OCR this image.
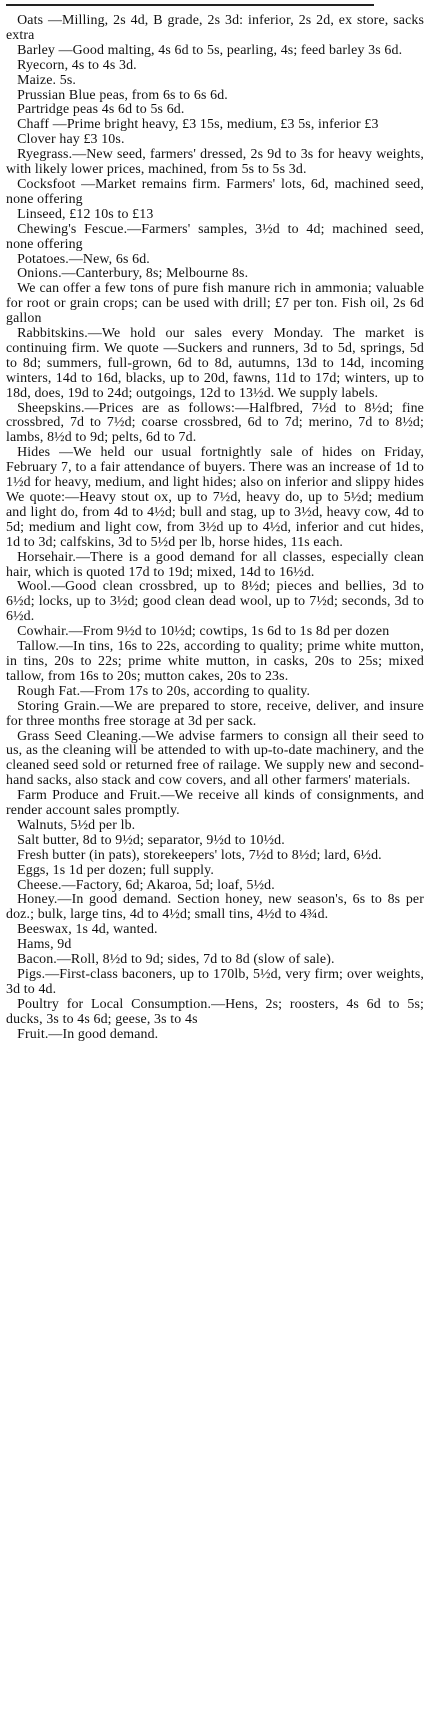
Oats —Milling, 2s 4d, B grade, 2s 3d: inferior, 2s 2d, ex store, sacks extra

Barley —Good malting, 4s 6d to 5s, pearling, 4s; feed barley 3s 6d.

Ryecorn, 4s to 4s 3d.

Maize. 5s.

Prussian Blue peas, from 6s to 6s 6d.

Partridge peas 4s 6d to 5s 6d.

Chaff —Prime bright heavy, £3 15s, medium, £3 5s, inferior £3

Clover hay £3 10s.

Ryegrass.—New seed, farmers' dressed, 2s 9d to 3s for heavy weights, with likely lower prices, machined, from 5s to 5s 3d.

Cocksfoot —Market remains firm. Farmers' lots, 6d, machined seed, none offering

Linseed, £12 10s to £13

Chewing's Fescue.—Farmers' samples, 3½d to 4d; machined seed, none offering

Potatoes.—New, 6s 6d.

Onions.—Canterbury, 8s; Melbourne 8s.

We can offer a few tons of pure fish manure rich in ammonia; valuable for root or grain crops; can be used with drill; £7 per ton. Fish oil, 2s 6d gallon

Rabbitskins.—We hold our sales every Monday. The market is continuing firm. We quote —Suckers and runners, 3d to 5d, springs, 5d to 8d; summers, full-grown, 6d to 8d, autumns, 13d to 14d, incoming winters, 14d to 16d, blacks, up to 20d, fawns, 11d to 17d; winters, up to 18d, does, 19d to 24d; outgoings, 12d to 13½d. We supply labels.

Sheepskins.—Prices are as follows:—Halfbred, 7½d to 8½d; fine crossbred, 7d to 7½d; coarse crossbred, 6d to 7d; merino, 7d to 8½d; lambs, 8½d to 9d; pelts, 6d to 7d.

Hides —We held our usual fortnightly sale of hides on Friday, February 7, to a fair attendance of buyers. There was an increase of 1d to 1½d for heavy, medium, and light hides; also on inferior and slippy hides We quote:—Heavy stout ox, up to 7½d, heavy do, up to 5½d; medium and light do, from 4d to 4½d; bull and stag, up to 3½d, heavy cow, 4d to 5d; medium and light cow, from 3½d up to 4½d, inferior and cut hides, 1d to 3d; calfskins, 3d to 5½d per lb, horse hides, 11s each.

Horsehair.—There is a good demand for all classes, especially clean hair, which is quoted 17d to 19d; mixed, 14d to 16½d.

Wool.—Good clean crossbred, up to 8½d; pieces and bellies, 3d to 6½d; locks, up to 3½d; good clean dead wool, up to 7½d; seconds, 3d to 6½d.

Cowhair.—From 9½d to 10½d; cowtips, 1s 6d to 1s 8d per dozen

Tallow.—In tins, 16s to 22s, according to quality; prime white mutton, in tins, 20s to 22s; prime white mutton, in casks, 20s to 25s; mixed tallow, from 16s to 20s; mutton cakes, 20s to 23s.

Rough Fat.—From 17s to 20s, according to quality.

Storing Grain.—We are prepared to store, receive, deliver, and insure for three months free storage at 3d per sack.

Grass Seed Cleaning.—We advise farmers to consign all their seed to us, as the cleaning will be attended to with up-to-date machinery, and the cleaned seed sold or returned free of railage. We supply new and second-hand sacks, also stack and cow covers, and all other farmers' materials.

Farm Produce and Fruit.—We receive all kinds of consignments, and render account sales promptly.

Walnuts, 5½d per lb.

Salt butter, 8d to 9½d; separator, 9½d to 10½d.

Fresh butter (in pats), storekeepers' lots, 7½d to 8½d; lard, 6½d.

Eggs, 1s 1d per dozen; full supply.

Cheese.—Factory, 6d; Akaroa, 5d; loaf, 5½d.

Honey.—In good demand. Section honey, new season's, 6s to 8s per doz.; bulk, large tins, 4d to 4½d; small tins, 4½d to 4¾d.

Beeswax, 1s 4d, wanted.

Hams, 9d

Bacon.—Roll, 8½d to 9d; sides, 7d to 8d (slow of sale).

Pigs.—First-class baconers, up to 170lb, 5½d, very firm; over weights, 3d to 4d.

Poultry for Local Consumption.—Hens, 2s; roosters, 4s 6d to 5s; ducks, 3s to 4s 6d; geese, 3s to 4s

Fruit.—In good demand.
